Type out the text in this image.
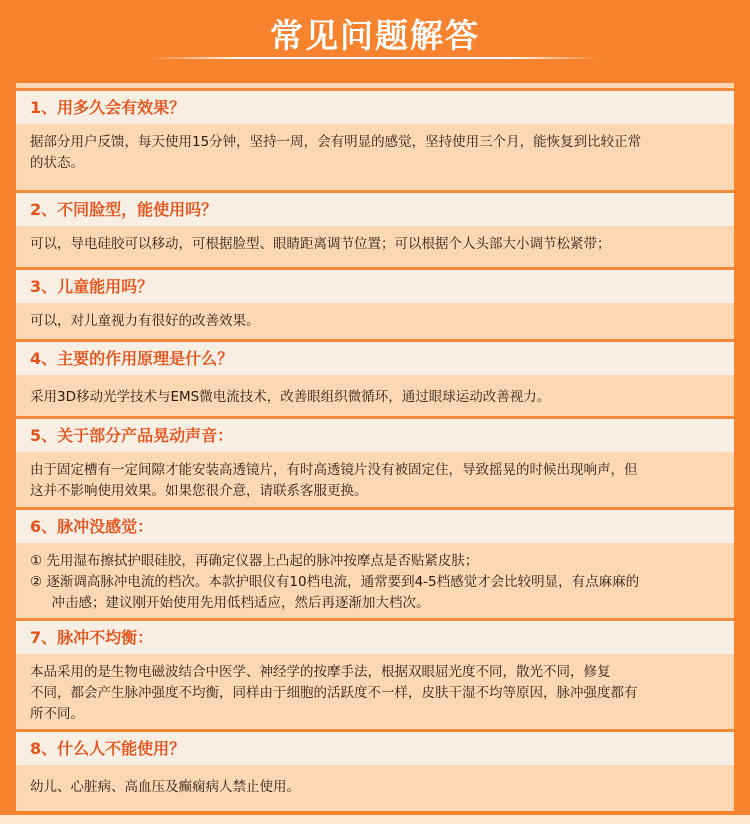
常见问题解答
1、用多久会有效果？

据部分用户反馈，每天使用15分钟，坚持一周，会有明显的感觉，坚持使用三个月，能恢复到比较正常

的状态。

2、不同脸型，能使用吗？

可以，导电硅胶可以移动，可根据脸型、眼睛距离调节位置；可以根据个人头部大小调节松紧带；

3、儿童能用吗？

可以，对儿童视力有很好的改善效果。

4、主要的作用原理是什么？

采用3D移动光学技术与EMS微电流技术，改善眼组织微循环，通过眼球运动改善视力。

5、关于部分产品晃动声音：

由于固定槽有一定间隙才能安装高透镜片，有时高透镜片没有被固定住，导致摇晃的时候出现响声，但

这并不影响使用效果。如果您很介意，请联系客服更换。

6、脉冲没感觉：

① 先用湿布擦拭护眼硅胶，再确定仪器上凸起的脉冲按摩点是否贴紧皮肤；

② 逐渐调高脉冲电流的档次。本款护眼仪有10档电流，通常要到4-5档感觉才会比较明显，有点麻麻的

冲击感；建议刚开始使用先用低档适应，然后再逐渐加大档次。

7、脉冲不均衡：

本品采用的是生物电磁波结合中医学、神经学的按摩手法，根据双眼屈光度不同，散光不同，修复

不同，都会产生脉冲强度不均衡，同样由于细胞的活跃度不一样，皮肤干湿不均等原因，脉冲强度都有

所不同。

8、什么人不能使用？

幼儿、心脏病、高血压及癫痫病人禁止使用。
